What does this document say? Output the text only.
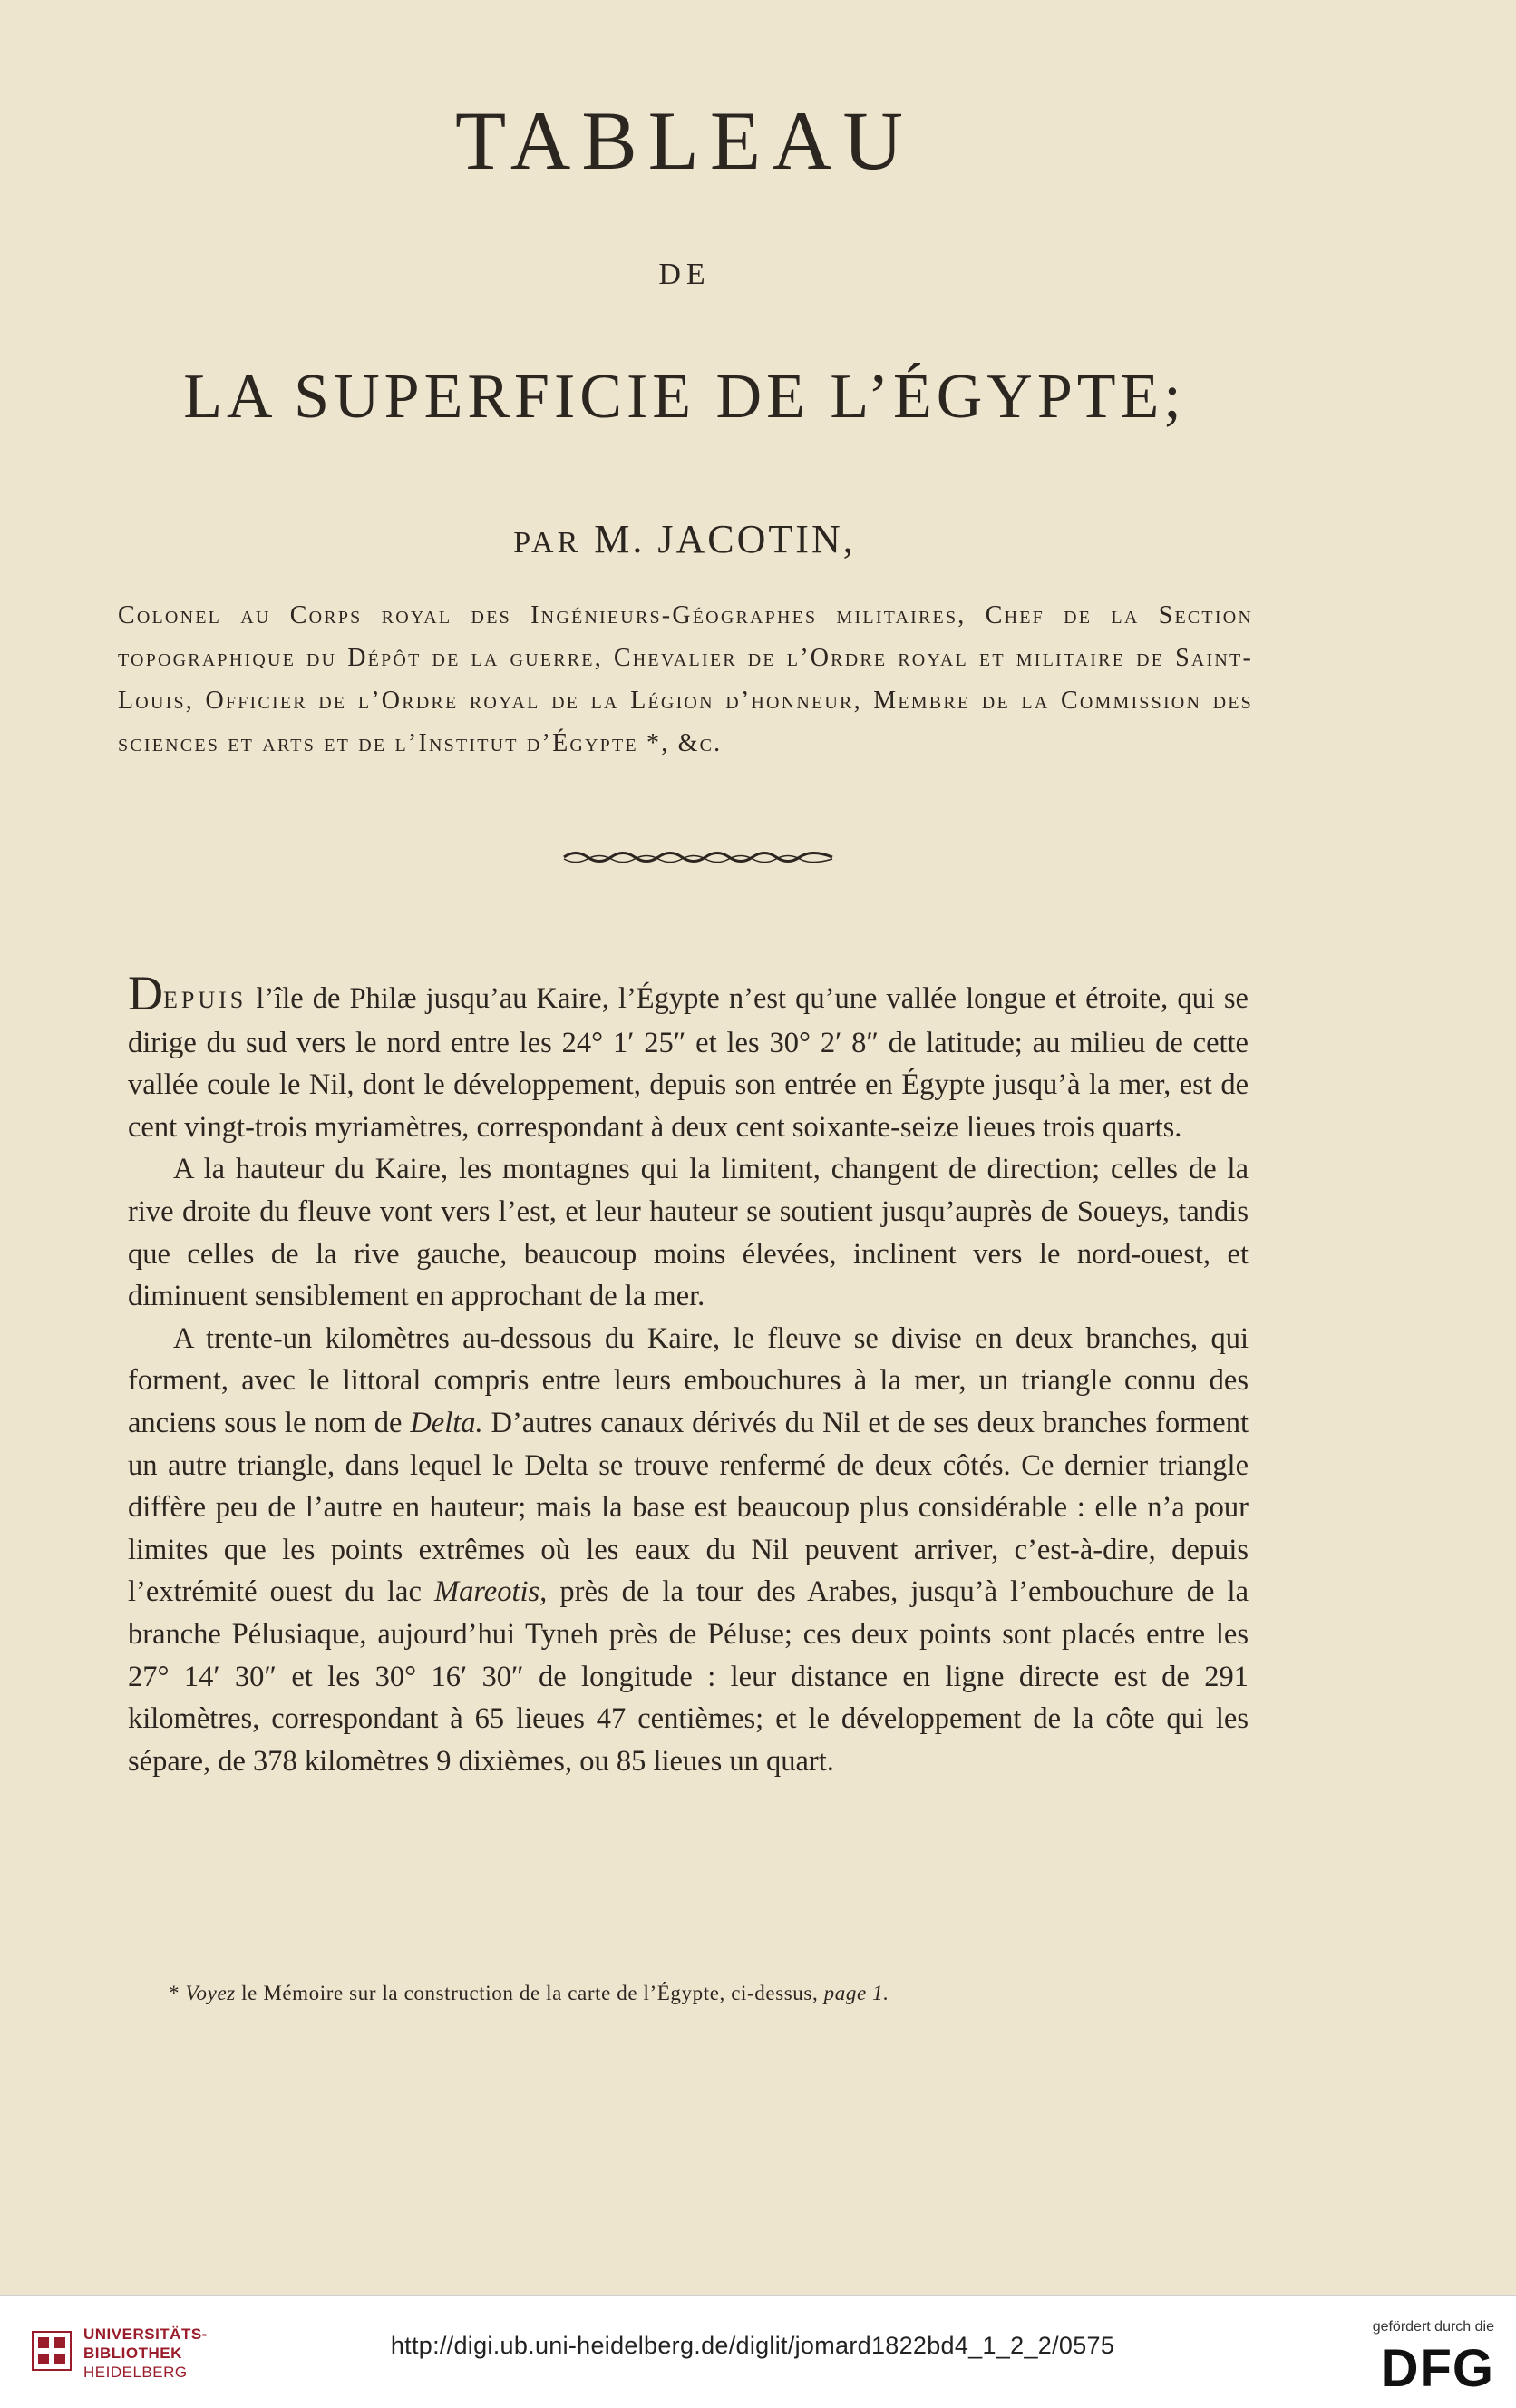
TABLEAU
DE
LA SUPERFICIE DE L’ÉGYPTE;
PAR M. JACOTIN,
Colonel au Corps royal des Ingénieurs-Géographes militaires, Chef de la Section topographique du Dépôt de la guerre, Chevalier de l’Ordre royal et militaire de Saint-Louis, Officier de l’Ordre royal de la Légion d’honneur, Membre de la Commission des sciences et arts et de l’Institut d’Égypte *, &c.

DEPUIS l’île de Philæ jusqu’au Kaire, l’Égypte n’est qu’une vallée longue et étroite, qui se dirige du sud vers le nord entre les 24° 1′ 25″ et les 30° 2′ 8″ de latitude; au milieu de cette vallée coule le Nil, dont le développement, depuis son entrée en Égypte jusqu’à la mer, est de cent vingt-trois myriamètres, correspondant à deux cent soixante-seize lieues trois quarts.

A la hauteur du Kaire, les montagnes qui la limitent, changent de direction; celles de la rive droite du fleuve vont vers l’est, et leur hauteur se soutient jusqu’auprès de Soueys, tandis que celles de la rive gauche, beaucoup moins élevées, inclinent vers le nord-ouest, et diminuent sensiblement en approchant de la mer.

A trente-un kilomètres au-dessous du Kaire, le fleuve se divise en deux branches, qui forment, avec le littoral compris entre leurs embouchures à la mer, un triangle connu des anciens sous le nom de Delta. D’autres canaux dérivés du Nil et de ses deux branches forment un autre triangle, dans lequel le Delta se trouve renfermé de deux côtés. Ce dernier triangle diffère peu de l’autre en hauteur; mais la base est beaucoup plus considérable : elle n’a pour limites que les points extrêmes où les eaux du Nil peuvent arriver, c’est-à-dire, depuis l’extrémité ouest du lac Mareotis, près de la tour des Arabes, jusqu’à l’embouchure de la branche Pélusiaque, aujourd’hui Tyneh près de Péluse; ces deux points sont placés entre les 27° 14′ 30″ et les 30° 16′ 30″ de longitude : leur distance en ligne directe est de 291 kilomètres, correspondant à 65 lieues 47 centièmes; et le développement de la côte qui les sépare, de 378 kilomètres 9 dixièmes, ou 85 lieues un quart.

* Voyez le Mémoire sur la construction de la carte de l’Égypte, ci-dessus, page 1.
UNIVERSITÄTS-
BIBLIOTHEK
HEIDELBERG
http://digi.ub.uni-heidelberg.de/diglit/jomard1822bd4_1_2_2/0575
gefördert durch die
DFG
